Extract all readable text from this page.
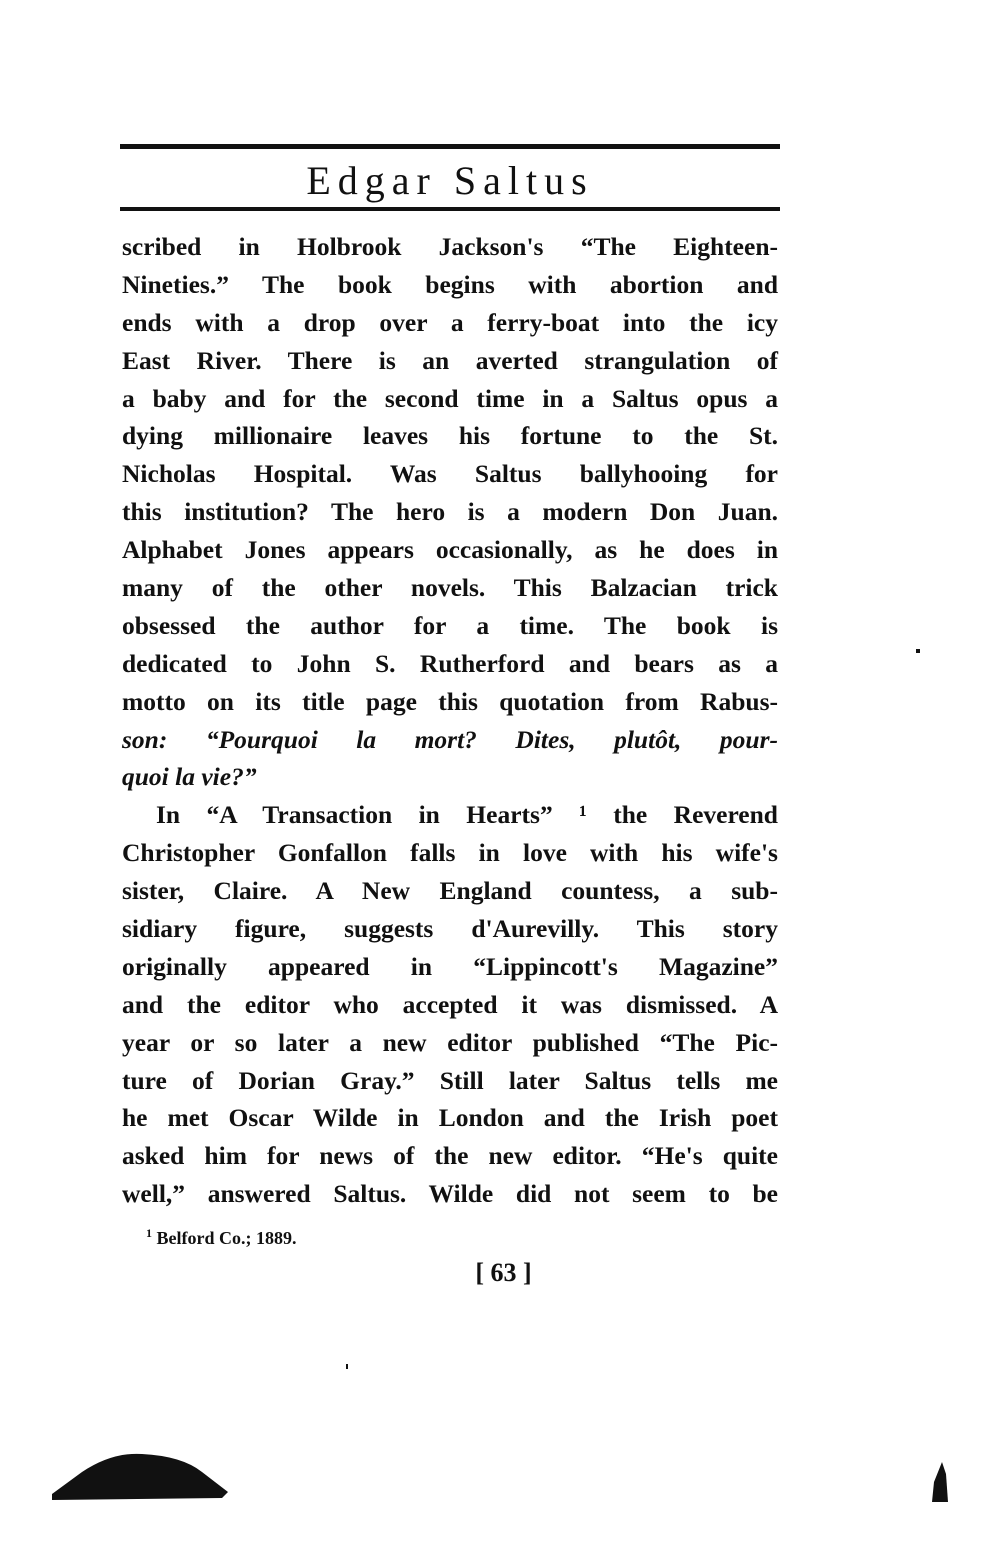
Edgar Saltus
scribed in Holbrook Jackson's “The Eighteen-
Nineties.” The book begins with abortion and
ends with a drop over a ferry-boat into the icy
East River. There is an averted strangulation of
a baby and for the second time in a Saltus opus a
dying millionaire leaves his fortune to the St.
Nicholas Hospital. Was Saltus ballyhooing for
this institution? The hero is a modern Don Juan.
Alphabet Jones appears occasionally, as he does in
many of the other novels. This Balzacian trick
obsessed the author for a time. The book is
dedicated to John S. Rutherford and bears as a
motto on its title page this quotation from Rabus-
son: “Pourquoi la mort? Dites, plutôt, pour-
quoi la vie?”
In “A Transaction in Hearts” ¹ the Reverend
Christopher Gonfallon falls in love with his wife's
sister, Claire. A New England countess, a sub-
sidiary figure, suggests d'Aurevilly. This story
originally appeared in “Lippincott's Magazine”
and the editor who accepted it was dismissed. A
year or so later a new editor published “The Pic-
ture of Dorian Gray.” Still later Saltus tells me
he met Oscar Wilde in London and the Irish poet
asked him for news of the new editor. “He's quite
well,” answered Saltus. Wilde did not seem to be
$^1$ Belford Co.; 1889.
[ 63 ]
